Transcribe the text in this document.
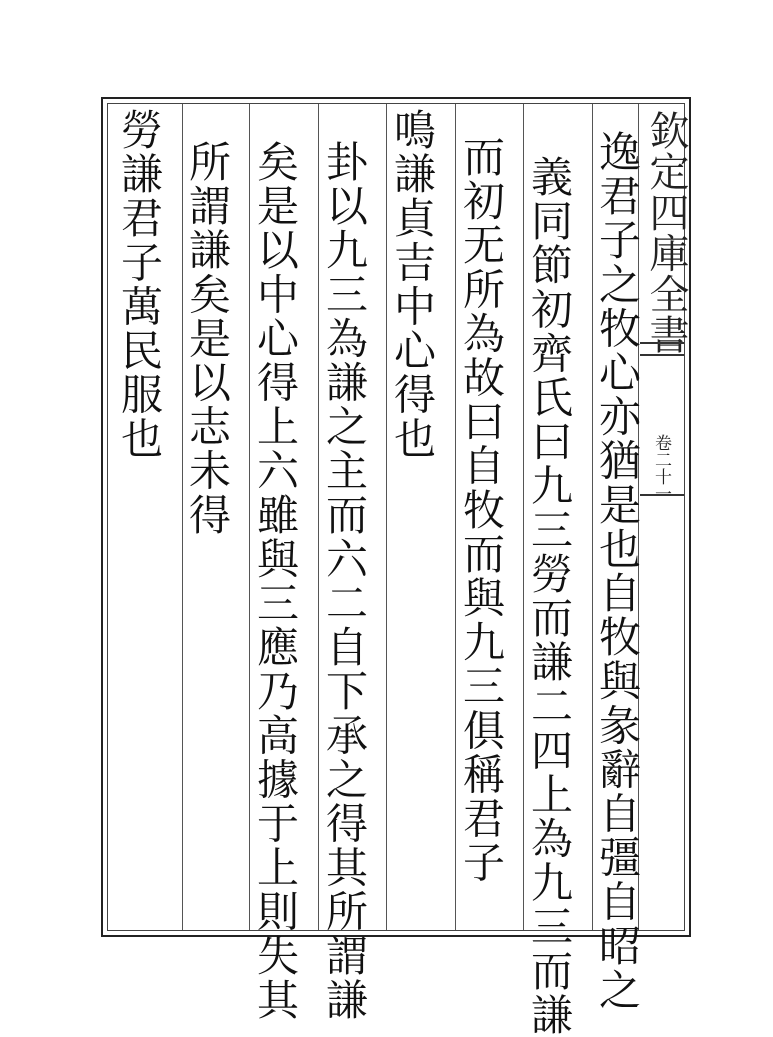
欽定四庫全書
卷二十一
逸君子之牧心亦猶是也自牧與彖辭自彊自昭之
義同節初齊氏曰九三勞而謙二四上為九三而謙
而初无所為故曰自牧而與九三俱稱君子
鳴謙貞吉中心得也
卦以九三為謙之主而六二自下承之得其所謂謙
矣是以中心得上六雖與三應乃高據于上則失其
所謂謙矣是以志未得
勞謙君子萬民服也
